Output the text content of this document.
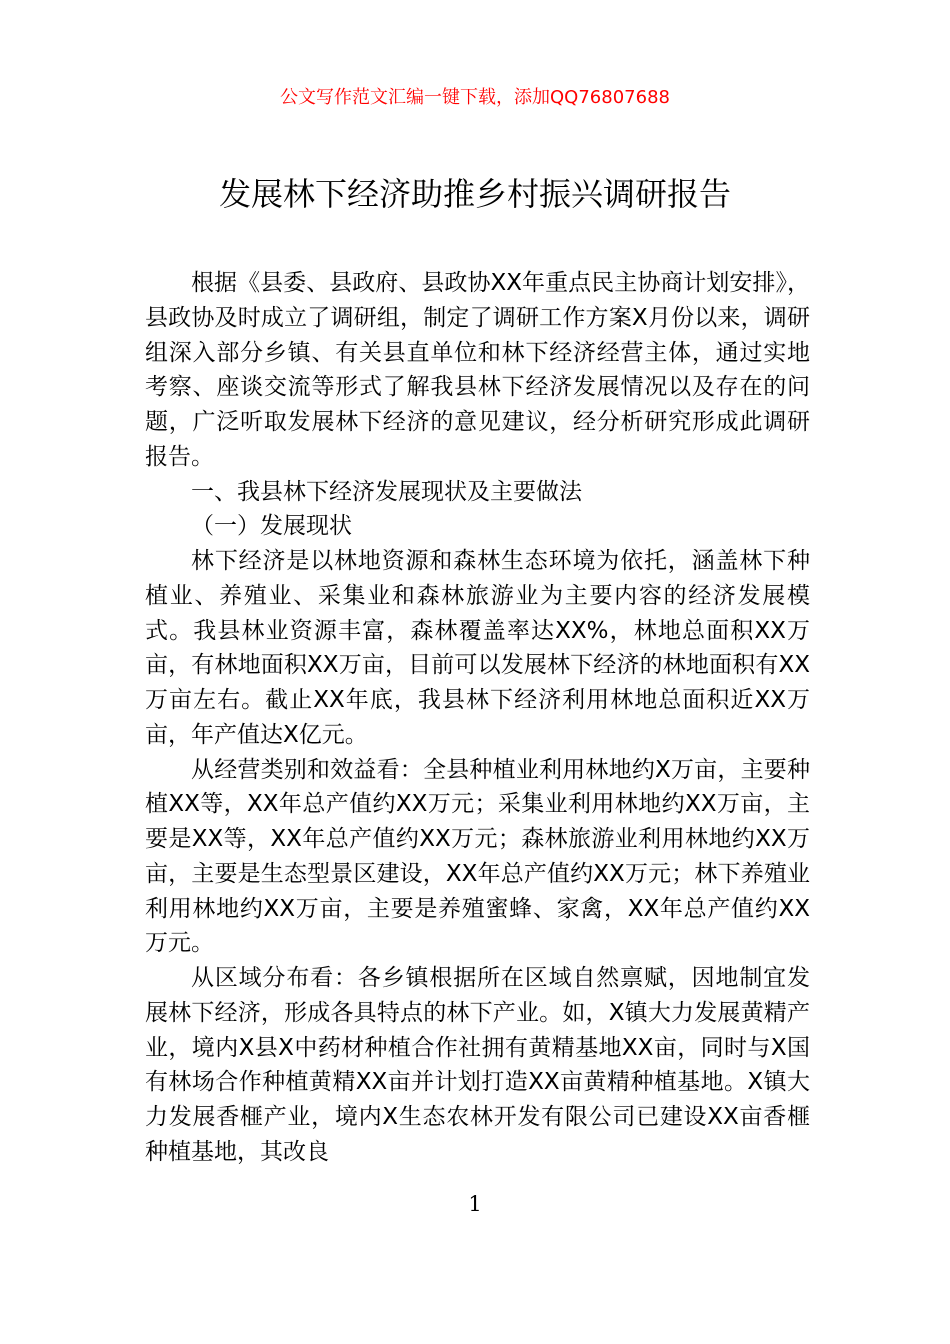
公文写作范文汇编一键下载，添加QQ76807688
发展林下经济助推乡村振兴调研报告

根据《县委、县政府、县政协XX年重点民主协商计划安排》，县政协及时成立了调研组，制定了调研工作方案X月份以来，调研组深入部分乡镇、有关县直单位和林下经济经营主体，通过实地考察、座谈交流等形式了解我县林下经济发展情况以及存在的问题，广泛听取发展林下经济的意见建议，经分析研究形成此调研报告。

一、我县林下经济发展现状及主要做法

（一）发展现状

林下经济是以林地资源和森林生态环境为依托，涵盖林下种植业、养殖业、采集业和森林旅游业为主要内容的经济发展模式。我县林业资源丰富，森林覆盖率达XX%，林地总面积XX万亩，有林地面积XX万亩，目前可以发展林下经济的林地面积有XX万亩左右。截止XX年底，我县林下经济利用林地总面积近XX万亩，年产值达X亿元。

从经营类别和效益看：全县种植业利用林地约X万亩，主要种植XX等，XX年总产值约XX万元；采集业利用林地约XX万亩，主要是XX等，XX年总产值约XX万元；森林旅游业利用林地约XX万亩，主要是生态型景区建设，XX年总产值约XX万元；林下养殖业利用林地约XX万亩，主要是养殖蜜蜂、家禽，XX年总产值约XX万元。

从区域分布看：各乡镇根据所在区域自然禀赋，因地制宜发展林下经济，形成各具特点的林下产业。如，X镇大力发展黄精产业，境内X县X中药材种植合作社拥有黄精基地XX亩，同时与X国有林场合作种植黄精XX亩并计划打造XX亩黄精种植基地。X镇大力发展香榧产业，境内X生态农林开发有限公司已建设XX亩香榧种植基地，其改良

1
